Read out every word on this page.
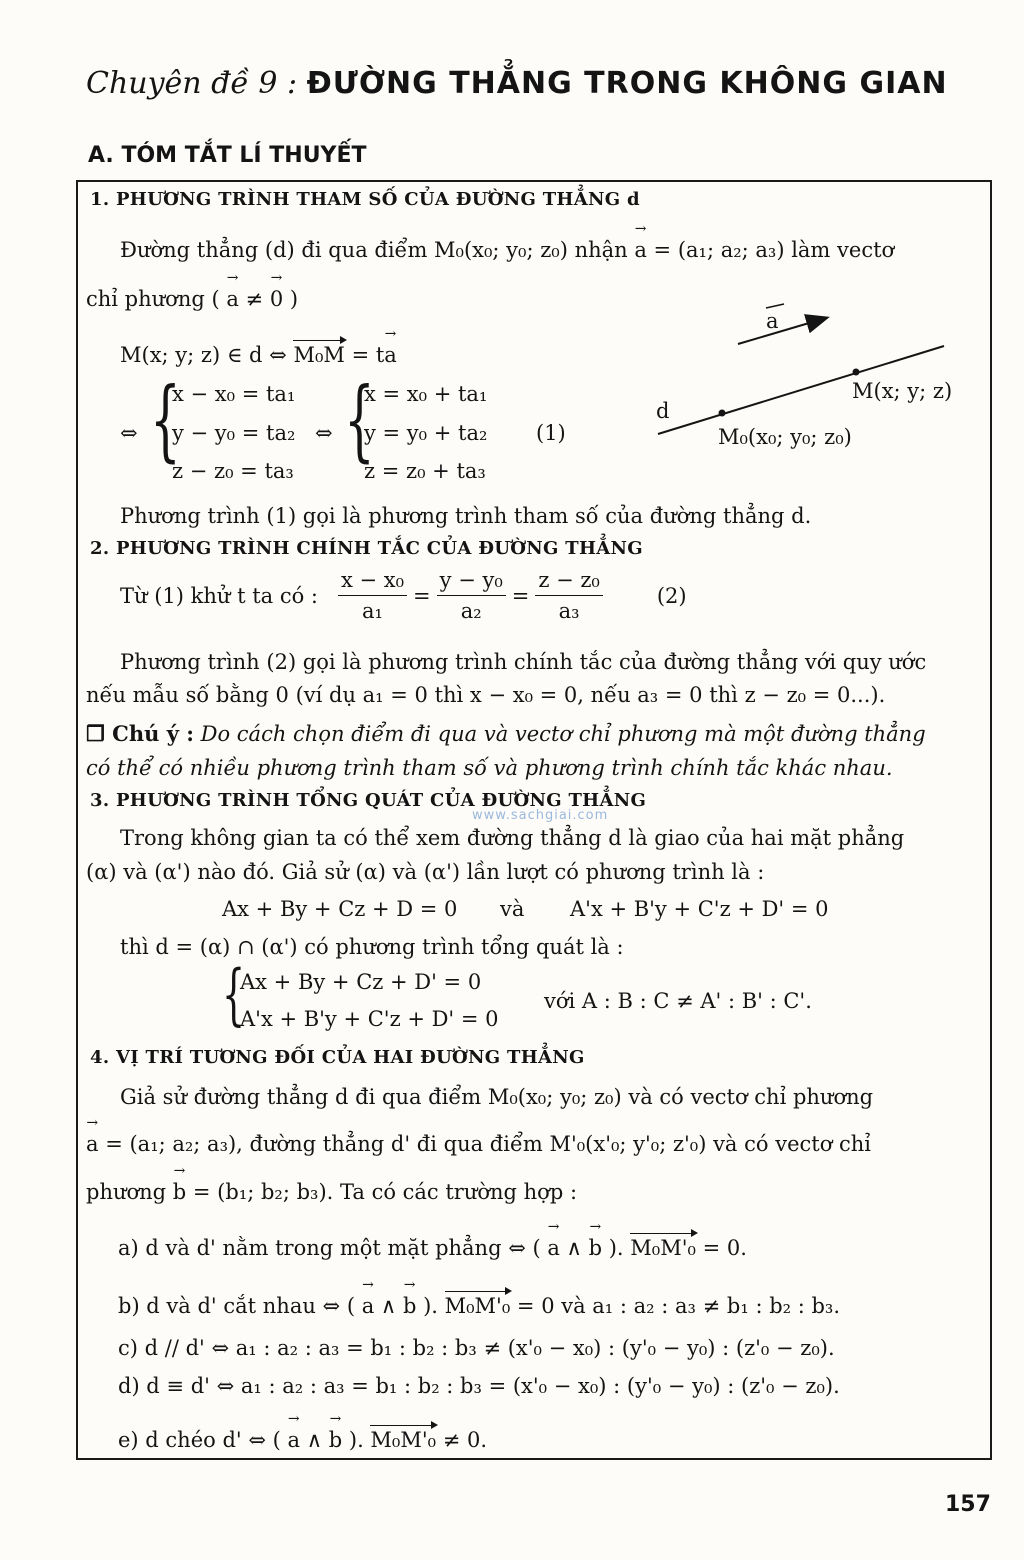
Chuyên đề 9 : ĐƯỜNG THẲNG TRONG KHÔNG GIAN
A. TÓM TẮT LÍ THUYẾT
1. PHƯƠNG TRÌNH THAM SỐ CỦA ĐƯỜNG THẲNG d
Đường thẳng (d) đi qua điểm M₀(x₀; y₀; z₀) nhận → a = (a₁; a₂; a₃) làm vectơ
chỉ phương ( → a ≠ → 0 )
M(x; y; z) ∈ d ⇔ M₀M = t→ a
⇔ {
x − x₀ = ta₁
y − y₀ = ta₂
z − z₀ = ta₃
⇔ {
x = x₀ + ta₁
y = y₀ + ta₂
z = z₀ + ta₃
(1)
a
d
M(x; y; z)
M₀(x₀; y₀; z₀)
Phương trình (1) gọi là phương trình tham số của đường thẳng d.
2. PHƯƠNG TRÌNH CHÍNH TẮC CỦA ĐƯỜNG THẲNG
Từ (1) khử t ta có : $\frac{\text{x − x₀}}{\text{a₁}} = \frac{\text{y − y₀}}{\text{a₂}} = \frac{\text{z − z₀}}{\text{a₃}}$	(2)
Phương trình (2) gọi là phương trình chính tắc của đường thẳng với quy ước
nếu mẫu số bằng 0 (ví dụ a₁ = 0 thì x − x₀ = 0, nếu a₃ = 0 thì z − z₀ = 0...).
❒ Chú ý : Do cách chọn điểm đi qua và vectơ chỉ phương mà một đường thẳng
có thể có nhiều phương trình tham số và phương trình chính tắc khác nhau.
www.sachgiai.com
3. PHƯƠNG TRÌNH TỔNG QUÁT CỦA ĐƯỜNG THẲNG
Trong không gian ta có thể xem đường thẳng d là giao của hai mặt phẳng
(α) và (α') nào đó. Giả sử (α) và (α') lần lượt có phương trình là :
Ax + By + Cz + D = 0 và A'x + B'y + C'z + D' = 0
thì d = (α) ∩ (α') có phương trình tổng quát là :
{
Ax + By + Cz + D' = 0
A'x + B'y + C'z + D' = 0
với A : B : C ≠ A' : B' : C'.
4. VỊ TRÍ TƯƠNG ĐỐI CỦA HAI ĐƯỜNG THẲNG
Giả sử đường thẳng d đi qua điểm M₀(x₀; y₀; z₀) và có vectơ chỉ phương
→ a = (a₁; a₂; a₃), đường thẳng d' đi qua điểm M'₀(x'₀; y'₀; z'₀) và có vectơ chỉ
phương → b = (b₁; b₂; b₃). Ta có các trường hợp :
a) d và d' nằm trong một mặt phẳng ⇔ ( → a ∧ → b ). M₀M'₀ = 0.
b) d và d' cắt nhau ⇔ ( → a ∧ → b ). M₀M'₀ = 0 và a₁ : a₂ : a₃ ≠ b₁ : b₂ : b₃.
c) d // d' ⇔ a₁ : a₂ : a₃ = b₁ : b₂ : b₃ ≠ (x'₀ − x₀) : (y'₀ − y₀) : (z'₀ − z₀).
d) d ≡ d' ⇔ a₁ : a₂ : a₃ = b₁ : b₂ : b₃ = (x'₀ − x₀) : (y'₀ − y₀) : (z'₀ − z₀).
e) d chéo d' ⇔ ( → a ∧ → b ). M₀M'₀ ≠ 0.
157
